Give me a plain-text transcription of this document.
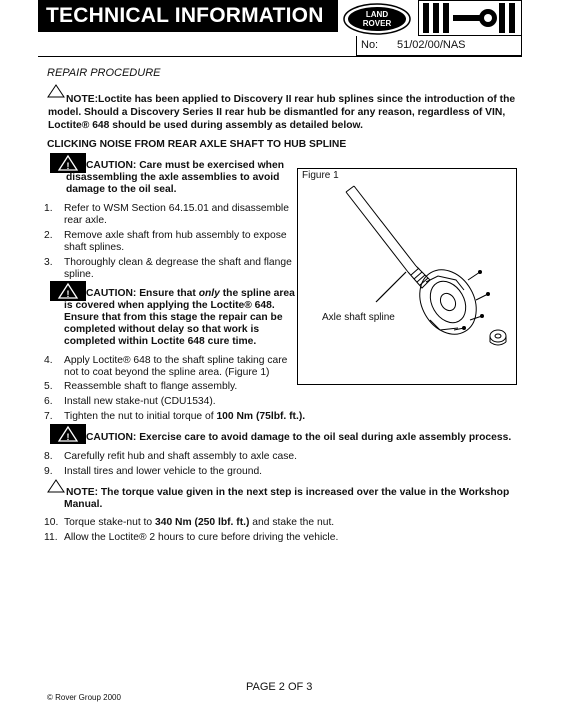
TECHNICAL INFORMATION	LAND
ROVER
No: 51/02/00/NAS
REPAIR PROCEDURE
NOTE:Loctite has been applied to Discovery II rear hub splines since the introduction of the
model. Should a Discovery Series II rear hub be dismantled for any reason, regardless of VIN,
Loctite® 648 should be used during assembly as detailed below.
CLICKING NOISE FROM REAR AXLE SHAFT TO HUB SPLINE
! CAUTION: Care must be exercised when
disassembling the axle assemblies to avoid
damage to the oil seal.
1.	Refer to WSM Section 64.15.01 and disassemble
rear axle.
2.	Remove axle shaft from hub assembly to expose
shaft splines.
3.	Thoroughly clean & degrease the shaft and flange
spline.
! CAUTION: Ensure that only the spline area
is covered when applying the Loctite® 648.
Ensure that from this stage the repair can be
completed without delay so that work is
completed within Loctite 648 cure time.
4.	Apply Loctite® 648 to the shaft spline taking care
not to coat beyond the spline area. (Figure 1)
5.	Reassemble shaft to flange assembly.
6.	Install new stake-nut (CDU1534).
7.	Tighten the nut to initial torque of 100 Nm (75lbf. ft.).
! CAUTION: Exercise care to avoid damage to the oil seal during axle assembly process.
8.	Carefully refit hub and shaft assembly to axle case.
9.	Install tires and lower vehicle to the ground.
NOTE: The torque value given in the next step is increased over the value in the Workshop
Manual.
10. Torque stake-nut to 340 Nm (250 lbf. ft.) and stake the nut.
11. Allow the Loctite® 2 hours to cure before driving the vehicle.
Figure 1
Axle shaft spline
PAGE 2 OF 3
© Rover Group 2000
